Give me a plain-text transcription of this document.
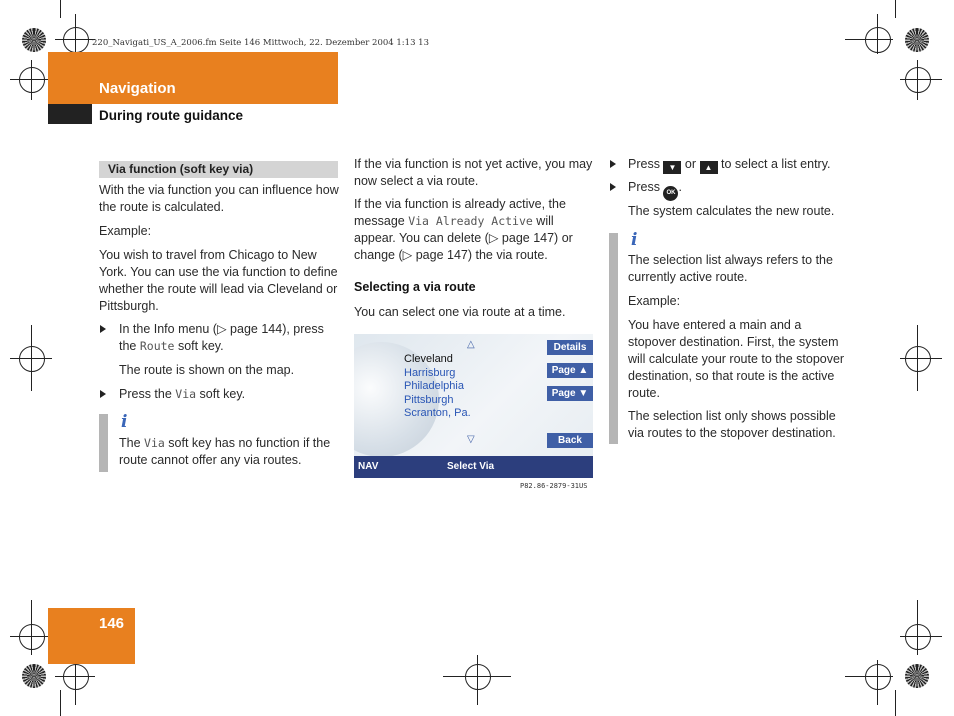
220_Navigati_US_A_2006.fm Seite 146 Mittwoch, 22. Dezember 2004 1:13 13
Navigation
During route guidance
Via function (soft key via)
With the via function you can influence how the route is calculated.
Example:
You wish to travel from Chicago to New York. You can use the via function to define whether the route will lead via Cleveland or Pittsburgh.
In the Info menu (▷ page 144), press the Route soft key.
The route is shown on the map.
Press the Via soft key.
i
The Via soft key has no function if the route cannot offer any via routes.
If the via function is not yet active, you may now select a via route.
If the via function is already active, the message Via Already Active will appear. You can delete (▷ page 147) or change (▷ page 147) the via route.
Selecting a via route
You can select one via route at a time.
△
Cleveland
Harrisburg
Philadelphia
Pittsburgh
Scranton, Pa.
▽
Details
Page ▲
Page ▼
Back
NAV	Select Via
P82.86-2879-31US
Press ▼ or ▲ to select a list entry.
Press OK .
The system calculates the new route.
i
The selection list always refers to the currently active route.
Example:
You have entered a main and a stopover destination. First, the system will calculate your route to the stopover destination, so that route is the active route.
The selection list only shows possible via routes to the stopover destination.
146
